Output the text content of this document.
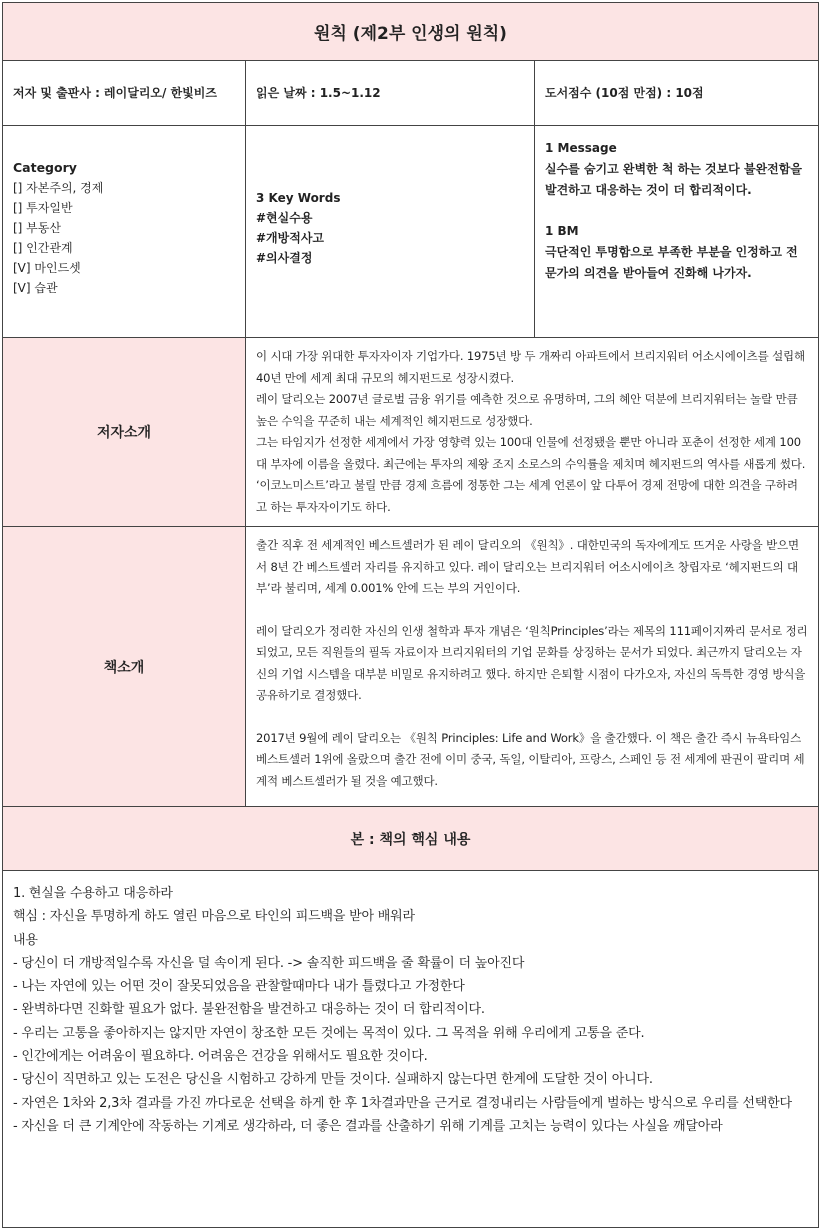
원칙 (제2부 인생의 원칙)
저자 및 출판사 : 레이달리오/ 한빛비즈	읽은 날짜 : 1.5~1.12	도서점수 (10점 만점) : 10점
Category
[] 자본주의, 경제
[] 투자일반
[] 부동산
[] 인간관계
[V] 마인드셋
[V] 습관
3 Key Words
#현실수용
#개방적사고
#의사결정
1 Message
실수를 숨기고 완벽한 척 하는 것보다 불완전함을 발견하고 대응하는 것이 더 합리적이다.
1 BM
극단적인 투명함으로 부족한 부분을 인정하고 전문가의 의견을 받아들여 진화해 나가자.
저자소개

이 시대 가장 위대한 투자자이자 기업가다. 1975년 방 두 개짜리 아파트에서 브리지워터 어소시에이츠를 설립해 40년 만에 세계 최대 규모의 헤지펀드로 성장시켰다.

레이 달리오는 2007년 글로벌 금융 위기를 예측한 것으로 유명하며, 그의 혜안 덕분에 브리지워터는 놀랄 만큼 높은 수익을 꾸준히 내는 세계적인 헤지펀드로 성장했다.

그는 타임지가 선정한 세계에서 가장 영향력 있는 100대 인물에 선정됐을 뿐만 아니라 포춘이 선정한 세계 100대 부자에 이름을 올렸다. 최근에는 투자의 제왕 조지 소로스의 수익률을 제치며 헤지펀드의 역사를 새롭게 썼다. ‘이코노미스트’라고 불릴 만큼 경제 흐름에 정통한 그는 세계 언론이 앞 다투어 경제 전망에 대한 의견을 구하려고 하는 투자자이기도 하다.

책소개

출간 직후 전 세계적인 베스트셀러가 된 레이 달리오의 《원칙》. 대한민국의 독자에게도 뜨거운 사랑을 받으면서 8년 간 베스트셀러 자리를 유지하고 있다. 레이 달리오는 브리지워터 어소시에이츠 창립자로 ‘헤지펀드의 대부’라 불리며, 세계 0.001% 안에 드는 부의 거인이다.

레이 달리오가 정리한 자신의 인생 철학과 투자 개념은 ‘원칙Principles’라는 제목의 111페이지짜리 문서로 정리되었고, 모든 직원들의 필독 자료이자 브리지워터의 기업 문화를 상징하는 문서가 되었다. 최근까지 달리오는 자신의 기업 시스템을 대부분 비밀로 유지하려고 했다. 하지만 은퇴할 시점이 다가오자, 자신의 독특한 경영 방식을 공유하기로 결정했다.

2017년 9월에 레이 달리오는 《원칙 Principles: Life and Work》을 출간했다. 이 책은 출간 즉시 뉴욕타임스 베스트셀러 1위에 올랐으며 출간 전에 이미 중국, 독일, 이탈리아, 프랑스, 스페인 등 전 세계에 판권이 팔리며 세계적 베스트셀러가 될 것을 예고했다.

본 : 책의 핵심 내용

1. 현실을 수용하고 대응하라

핵심 : 자신을 투명하게 하도 열린 마음으로 타인의 피드백을 받아 배워라

내용

- 당신이 더 개방적일수록 자신을 덜 속이게 된다. -> 솔직한 피드백을 줄 확률이 더 높아진다

- 나는 자연에 있는 어떤 것이 잘못되었음을 관찰할때마다 내가 틀렸다고 가정한다

- 완벽하다면 진화할 필요가 없다. 불완전함을 발견하고 대응하는 것이 더 합리적이다.

- 우리는 고통을 좋아하지는 않지만 자연이 창조한 모든 것에는 목적이 있다. 그 목적을 위해 우리에게 고통을 준다.

- 인간에게는 어려움이 필요하다. 어려움은 건강을 위해서도 필요한 것이다.

- 당신이 직면하고 있는 도전은 당신을 시험하고 강하게 만들 것이다. 실패하지 않는다면 한계에 도달한 것이 아니다.

- 자연은 1차와 2,3차 결과를 가진 까다로운 선택을 하게 한 후 1차결과만을 근거로 결정내리는 사람들에게 벌하는 방식으로 우리를 선택한다

- 자신을 더 큰 기계안에 작동하는 기계로 생각하라, 더 좋은 결과를 산출하기 위해 기계를 고치는 능력이 있다는 사실을 깨달아라
